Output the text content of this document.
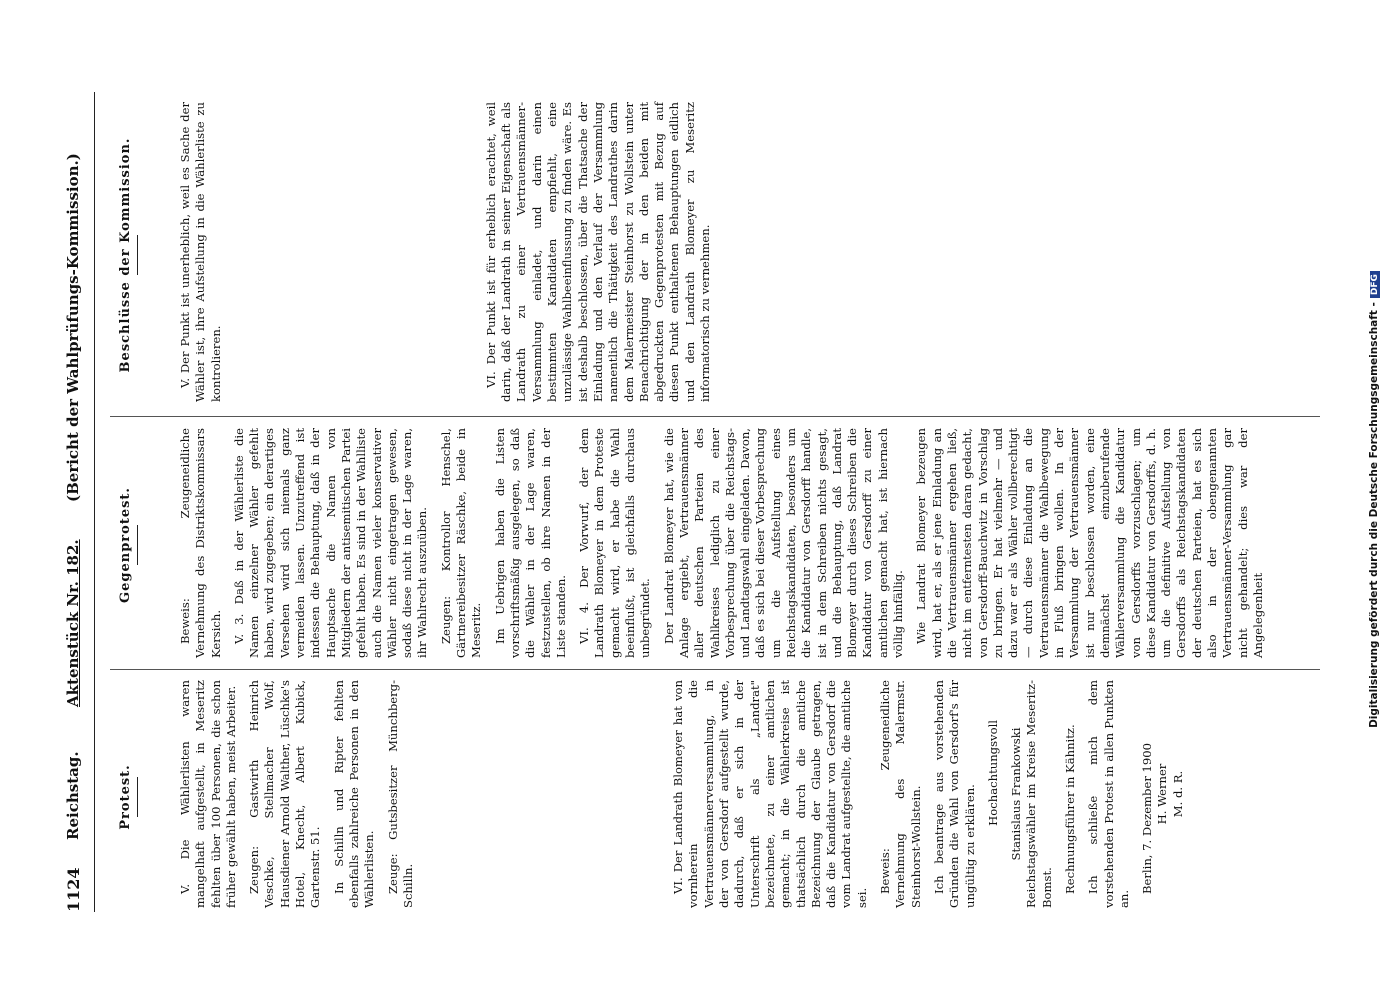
1124
Reichstag.
Aktenstück Nr. 182.
(Bericht der Wahlprüfungs-Kommission.)
Protest.
Gegenprotest.
Beschlüsse der Kommission.

V. Die Wählerlisten waren mangelhaft aufgestellt, in Meseritz fehlten über 100 Personen, die schon früher gewählt haben, meist Arbeiter. Zeugen: Gastwirth Heinrich Veschke, Stellmacher Wolf, Hausdiener Arnold Walther, Lüschke's Hotel, Knecht, Albert Kubick, Gartenstr. 51. In Schilln und Ripter fehlten ebenfalls zahlreiche Personen in den Wählerlisten. Zeuge: Gutsbesitzer Münchberg-Schilln.	VI. Der Landrath Blomeyer hat von vornherein die Vertrauensmännerversammlung, in der von Gersdorf aufgestellt wurde, dadurch, daß er sich in der Unterschrift als „Landrat" bezeichnete, zu einer amtlichen gemacht; in die Wählerkreise ist thatsächlich durch die amtliche Bezeichnung der Glaube getragen, daß die Kandidatur von Gersdorf die vom Landrat aufgestellte, die amtliche sei.

Beweis: Zeugeneidliche Vernehmung des Malermstr. Steinhorst-Wollstein. Ich beantrage aus vorstehenden Gründen die Wahl von Gersdorf's für ungültig zu erklären.

Hochachtungsvoll Stanislaus Frankowski Reichstagswähler im Kreise Meseritz-Bomst. Rechnungsführer in Kähnitz. Ich schließe mich dem vorstehenden Protest in allen Punkten an.

Berlin, 7. Dezember 1900 H. Werner M. d. R.

Beweis: Zeugeneidliche Vernehmung des Distriktskommissars Kersich. V. 3. Daß in der Wählerliste die Namen einzelner Wähler gefehlt haben, wird zugegeben; ein derartiges Versehen wird sich niemals ganz vermeiden lassen. Unzutreffend ist indessen die Behauptung, daß in der Hauptsache die Namen von Mitgliedern der antisemitischen Partei gefehlt haben. Es sind in der Wahlliste auch die Namen vieler konservativer Wähler nicht eingetragen gewesen, sodaß diese nicht in der Lage waren, ihr Wahlrecht auszuüben. Zeugen: Kontrollor Henschel, Gärtnereibesitzer Räschke, beide in Meseritz. Im Uebrigen haben die Listen vorschriftsmäßig ausgelegen, so daß die Wähler in der Lage waren, festzustellen, ob ihre Namen in der Liste standen. VI. 4. Der Vorwurf, der dem Landrath Blomeyer in dem Proteste gemacht wird, er habe die Wahl beeinflußt, ist gleichfalls durchaus unbegründet. Der Landrat Blomeyer hat, wie die Anlage ergiebt, Vertrauensmänner aller deutschen Parteien des Wahlkreises lediglich zu einer Vorbesprechung über die Reichstags- und Landtagswahl eingeladen. Davon, daß es sich bei dieser Vorbesprechung um die Aufstellung eines Reichstagskandidaten, besonders um die Kandidatur von Gersdorff handle, ist in dem Schreiben nichts gesagt, und die Behauptung, daß Landrat Blomeyer durch dieses Schreiben die Kandidatur von Gersdorff zu einer amtlichen gemacht hat, ist hiernach völlig hinfällig. Wie Landrat Blomeyer bezeugen wird, hat er, als er jene Einladung an die Vertrauensmänner ergehen ließ, nicht im entferntesten daran gedacht, von Gersdorff-Bauchwitz in Vorschlag zu bringen. Er hat vielmehr — und dazu war er als Wähler vollberechtigt — durch diese Einladung an die Vertrauensmänner die Wahlbewegung in Fluß bringen wollen. In der Versammlung der Vertrauensmänner ist nur beschlossen worden, eine demnächst einzuberufende Wählerversammlung die Kandidatur von Gersdorffs vorzuschlagen; um diese Kandidatur von Gersdorffs, d. h. um die definitive Aufstellung von Gersdorffs als Reichstagskandidaten der deutschen Parteien, hat es sich also in der obengenannten Vertrauensmänner-Versammlung gar nicht gehandelt; dies war der Angelegenheit

V. Der Punkt ist unerheblich, weil es Sache der Wähler ist, ihre Aufstellung in die Wählerliste zu kontrolieren.	VI. Der Punkt ist für erheblich erachtet, weil darin, daß der Landrath in seiner Eigenschaft als Landrath zu einer Vertrauensmänner-Versammlung einladet, und darin einen bestimmten Kandidaten empfiehlt, eine unzulässige Wahlbeeinflussung zu finden wäre. Es ist deshalb beschlossen, über die Thatsache der Einladung und den Verlauf der Versammlung namentlich die Thätigkeit des Landrathes darin dem Malermeister Steinhorst zu Wollstein unter Benachrichtigung der in den beiden mit abgedruckten Gegenprotesten mit Bezug auf diesen Punkt enthaltenen Behauptungen eidlich und den Landrath Blomeyer zu Meseritz informatorisch zu vernehmen.	Digitalisierung gefördert durch die Deutsche Forschungsgemeinschaft -DFG
